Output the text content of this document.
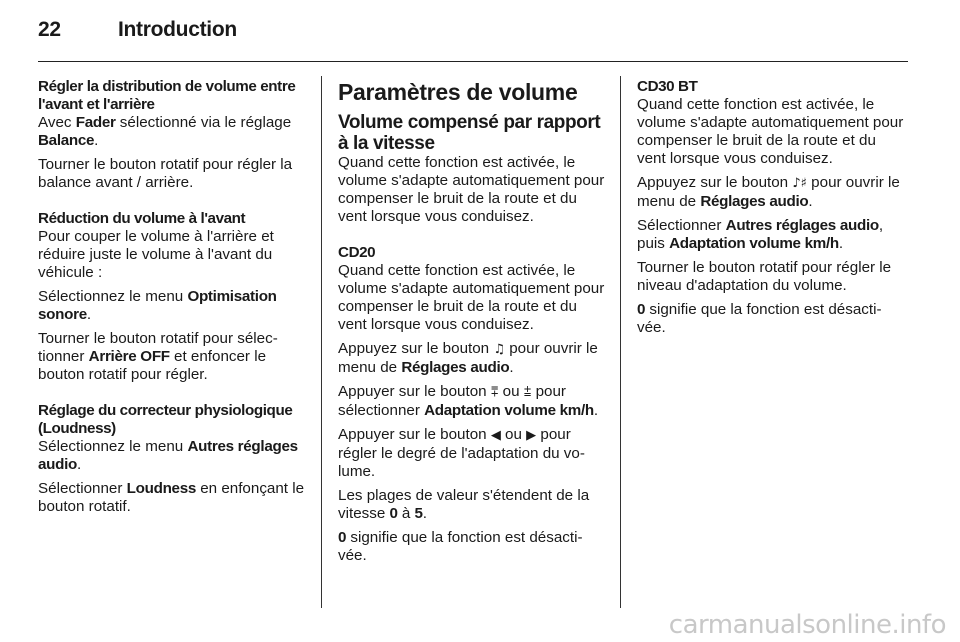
22	Introduction
Régler la distribution de volume entre l'avant et l'arrière

Avec Fader sélectionné via le réglage Balance.

Tourner le bouton rotatif pour régler la balance avant / arrière.

Réduction du volume à l'avant

Pour couper le volume à l'arrière et réduire juste le volume à l'avant du véhicule :

Sélectionnez le menu Optimisation sonore.

Tourner le bouton rotatif pour sélec- tionner Arrière OFF et enfoncer le bouton rotatif pour régler.

Réglage du correcteur physiologique (Loudness)

Sélectionnez le menu Autres réglages audio.

Sélectionner Loudness en enfonçant le bouton rotatif.

Paramètres de volume
Volume compensé par rapport à la vitesse

Quand cette fonction est activée, le volume s'adapte automatiquement pour compenser le bruit de la route et du vent lorsque vous conduisez.

CD20

Quand cette fonction est activée, le volume s'adapte automatiquement pour compenser le bruit de la route et du vent lorsque vous conduisez.

Appuyez sur le bouton ♫ pour ouvrir le menu de Réglages audio.

Appuyer sur le bouton ⩱ ou ⩲ pour sélectionner Adaptation volume km/h.

Appuyer sur le bouton ◀ ou ▶ pour régler le degré de l'adaptation du vo- lume.

Les plages de valeur s'étendent de la vitesse 0 à 5.

0 signifie que la fonction est désacti- vée.

CD30 BT

Quand cette fonction est activée, le volume s'adapte automatiquement pour compenser le bruit de la route et du vent lorsque vous conduisez.

Appuyez sur le bouton ♪♯ pour ouvrir le menu de Réglages audio.

Sélectionner Autres réglages audio, puis Adaptation volume km/h.

Tourner le bouton rotatif pour régler le niveau d'adaptation du volume.

0 signifie que la fonction est désacti- vée.

carmanualsonline.info
